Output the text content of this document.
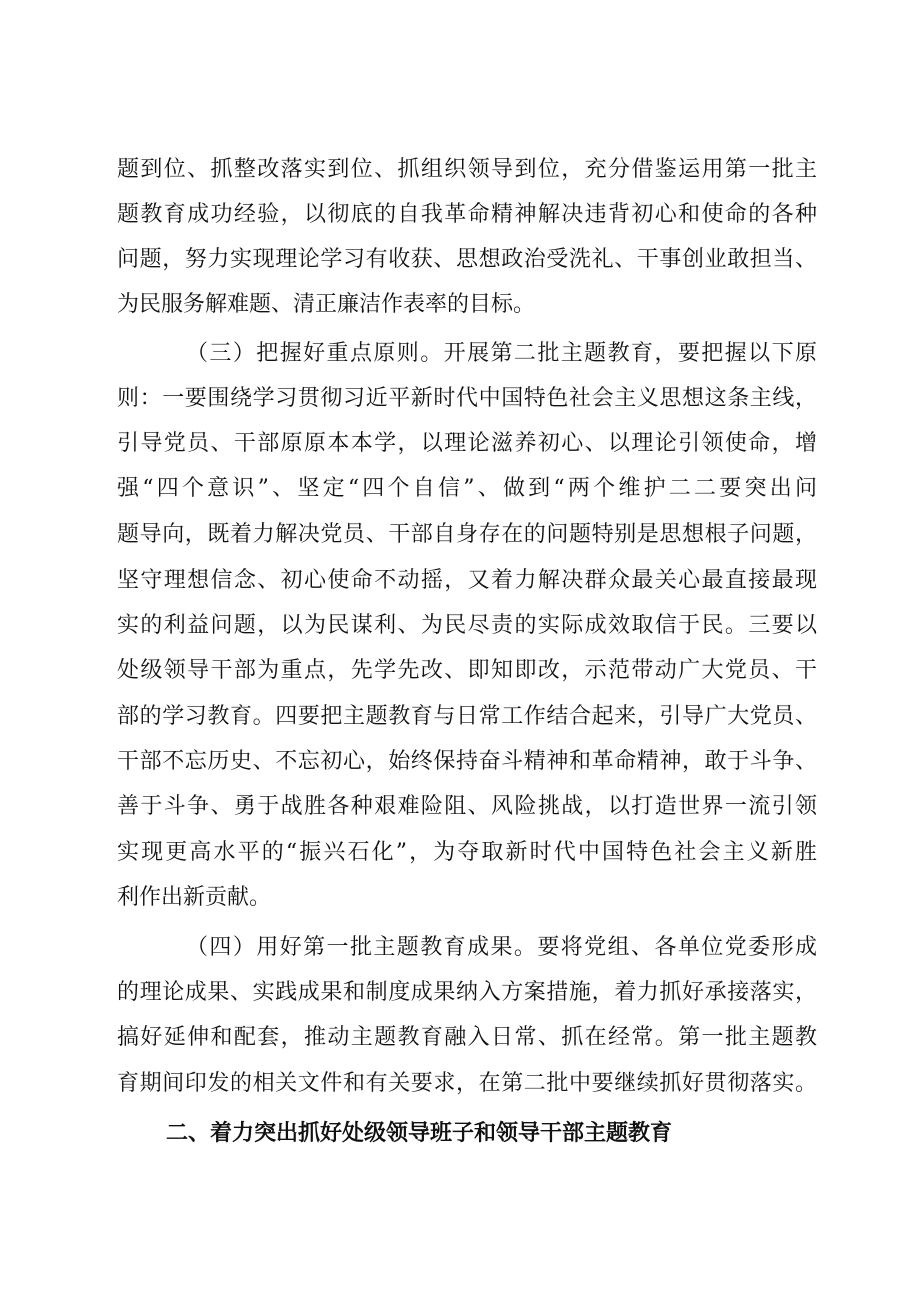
题到位、抓整改落实到位、抓组织领导到位，充分借鉴运用第一批主
题教育成功经验，以彻底的自我革命精神解决违背初心和使命的各种
问题，努力实现理论学习有收获、思想政治受洗礼、干事创业敢担当、
为民服务解难题、清正廉洁作表率的目标。
（三）把握好重点原则。开展第二批主题教育，要把握以下原
则：一要围绕学习贯彻习近平新时代中国特色社会主义思想这条主线，
引导党员、干部原原本本学，以理论滋养初心、以理论引领使命，增
强“四个意识”、坚定“四个自信”、做到“两个维护二二要突出问
题导向，既着力解决党员、干部自身存在的问题特别是思想根子问题，
坚守理想信念、初心使命不动摇，又着力解决群众最关心最直接最现
实的利益问题，以为民谋利、为民尽责的实际成效取信于民。三要以
处级领导干部为重点，先学先改、即知即改，示范带动广大党员、干
部的学习教育。四要把主题教育与日常工作结合起来，引导广大党员、
干部不忘历史、不忘初心，始终保持奋斗精神和革命精神，敢于斗争、
善于斗争、勇于战胜各种艰难险阻、风险挑战，以打造世界一流引领
实现更高水平的“振兴石化”，为夺取新时代中国特色社会主义新胜
利作出新贡献。
（四）用好第一批主题教育成果。要将党组、各单位党委形成
的理论成果、实践成果和制度成果纳入方案措施，着力抓好承接落实，
搞好延伸和配套，推动主题教育融入日常、抓在经常。第一批主题教
育期间印发的相关文件和有关要求，在第二批中要继续抓好贯彻落实。
二、着力突出抓好处级领导班子和领导干部主题教育
